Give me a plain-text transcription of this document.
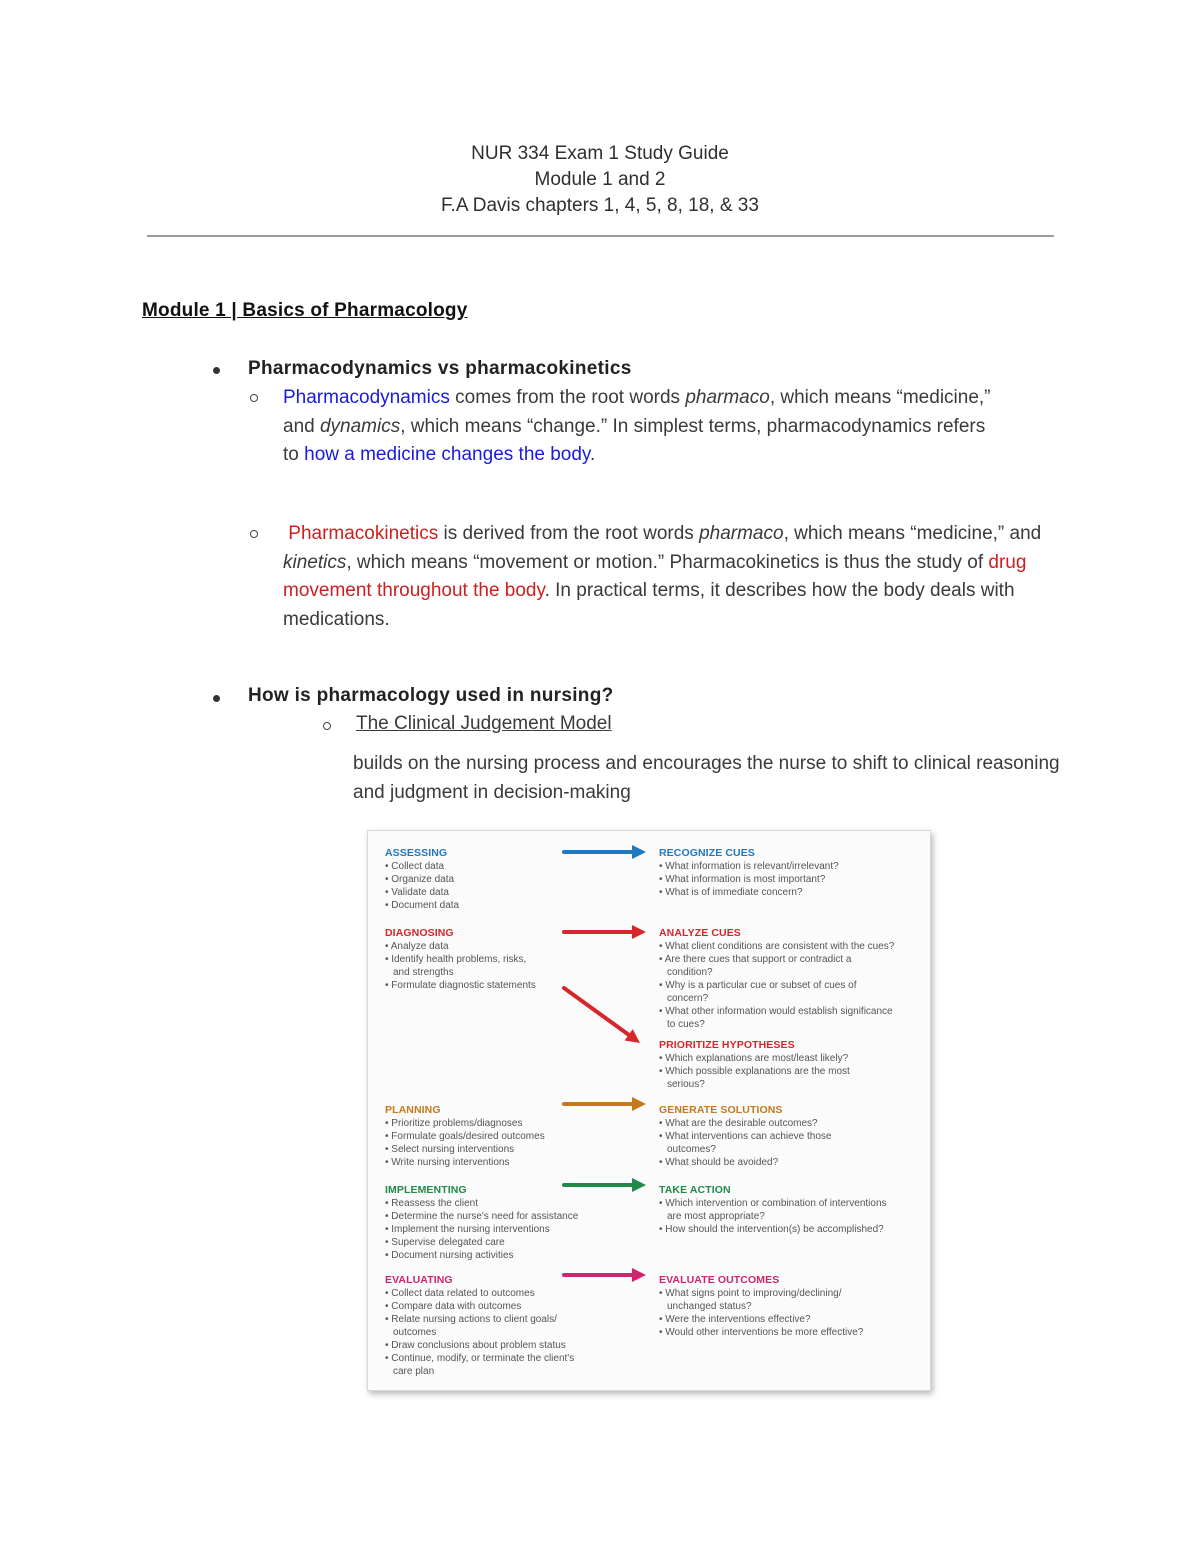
NUR 334 Exam 1 Study Guide
Module 1 and 2
F.A Davis chapters 1, 4, 5, 8, 18, & 33
Module 1 | Basics of Pharmacology
Pharmacodynamics vs pharmacokinetics
Pharmacodynamics comes from the root words pharmaco, which means “medicine,” and dynamics, which means “change.” In simplest terms, pharmacodynamics refers to how a medicine changes the body.
Pharmacokinetics is derived from the root words pharmaco, which means “medicine,” and kinetics, which means “movement or motion.” Pharmacokinetics is thus the study of drug movement throughout the body. In practical terms, it describes how the body deals with medications.
How is pharmacology used in nursing?
The Clinical Judgement Model
builds on the nursing process and encourages the nurse to shift to clinical reasoning and judgment in decision-making
ASSESSING
• Collect data
• Organize data
• Validate data
• Document data
DIAGNOSING
• Analyze data
• Identify health problems, risks,
and strengths
• Formulate diagnostic statements
PLANNING
• Prioritize problems/diagnoses
• Formulate goals/desired outcomes
• Select nursing interventions
• Write nursing interventions
IMPLEMENTING
• Reassess the client
• Determine the nurse's need for assistance
• Implement the nursing interventions
• Supervise delegated care
• Document nursing activities
EVALUATING
• Collect data related to outcomes
• Compare data with outcomes
• Relate nursing actions to client goals/
outcomes
• Draw conclusions about problem status
• Continue, modify, or terminate the client's
care plan
RECOGNIZE CUES
• What information is relevant/irrelevant?
• What information is most important?
• What is of immediate concern?
ANALYZE CUES
• What client conditions are consistent with the cues?
• Are there cues that support or contradict a
condition?
• Why is a particular cue or subset of cues of
concern?
• What other information would establish significance
to cues?
PRIORITIZE HYPOTHESES
• Which explanations are most/least likely?
• Which possible explanations are the most
serious?
GENERATE SOLUTIONS
• What are the desirable outcomes?
• What interventions can achieve those
outcomes?
• What should be avoided?
TAKE ACTION
• Which intervention or combination of interventions
are most appropriate?
• How should the intervention(s) be accomplished?
EVALUATE OUTCOMES
• What signs point to improving/declining/
unchanged status?
• Were the interventions effective?
• Would other interventions be more effective?
